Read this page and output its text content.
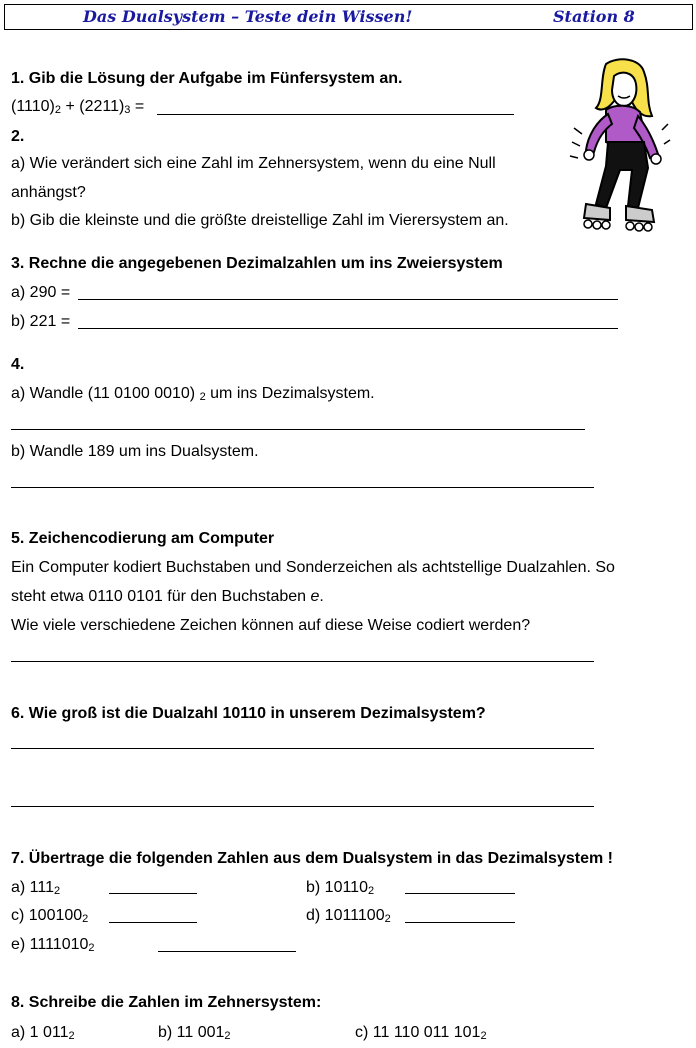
Das Dualsystem – Teste dein Wissen!	Station 8
1. Gib die Lösung der Aufgabe im Fünfersystem an.
$(1110)_2 + (2211)_3$ =
2.
a) Wie verändert sich eine Zahl im Zehnersystem, wenn du eine Null
anhängst?
b) Gib die kleinste und die größte dreistellige Zahl im Vierersystem an.
3. Rechne die angegebenen Dezimalzahlen um ins Zweiersystem
a) 290 =
b) 221 =
4.
a) Wandle (11 0100 0010) $_2$ um ins Dezimalsystem.
b) Wandle 189 um ins Dualsystem.
5. Zeichencodierung am Computer
Ein Computer kodiert Buchstaben und Sonderzeichen als achtstellige Dualzahlen. So
steht etwa 0110 0101 für den Buchstaben e.
Wie viele verschiedene Zeichen können auf diese Weise codiert werden?
6. Wie groß ist die Dualzahl 10110 in unserem Dezimalsystem?
7. Übertrage die folgenden Zahlen aus dem Dualsystem in das Dezimalsystem !
a) $111_2$	b) $10110_2$
c) $100100_2$	d) $1011100_2$
e) $1111010_2$
8. Schreibe die Zahlen im Zehnersystem:
a) 1 $011_2$	b) 11 $001_2$	c) 11 110 011 $101_2$
